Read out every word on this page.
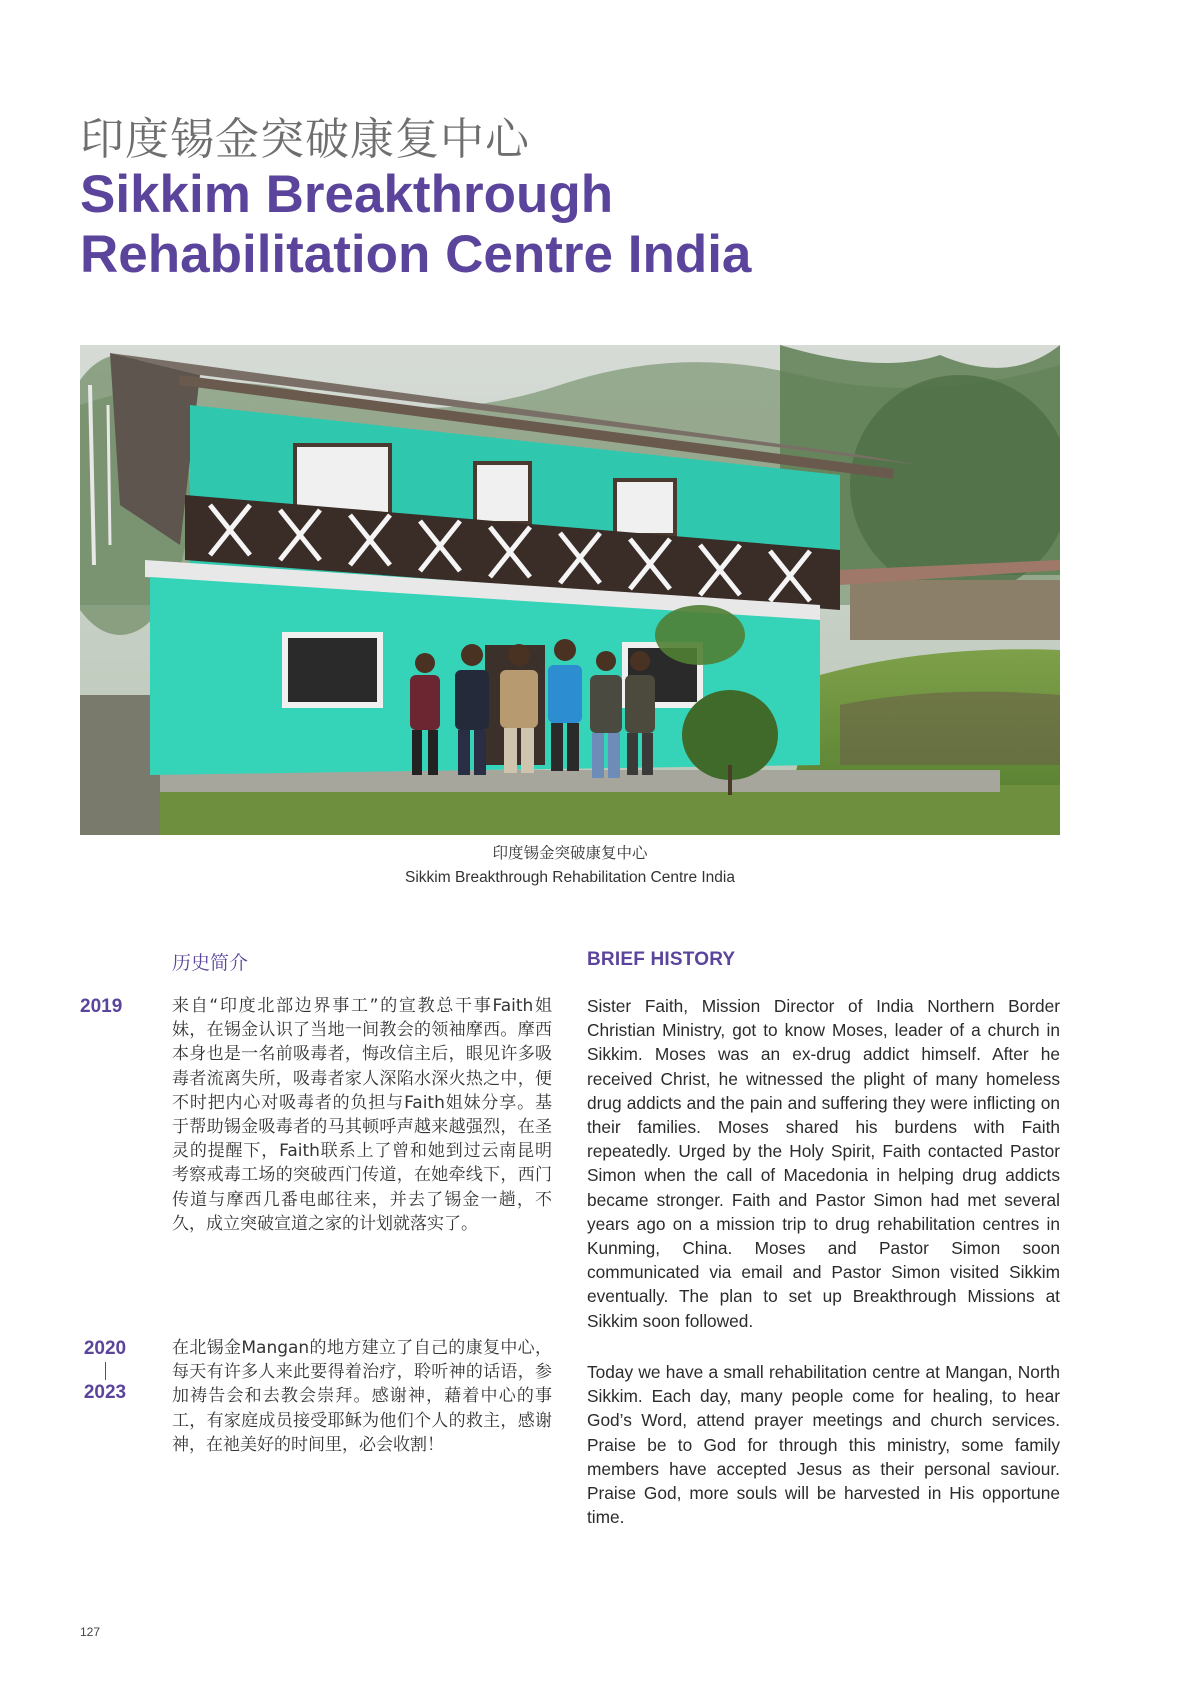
印度锡金突破康复中心
Sikkim Breakthrough
Rehabilitation Centre India
印度锡金突破康复中心
Sikkim Breakthrough Rehabilitation Centre India
历史简介	BRIEF HISTORY
2019	来自“印度北部边界事工”的宣教总干事Faith姐妹，在锡金认识了当地一间教会的领袖摩西。摩西本身也是一名前吸毒者，悔改信主后，眼见许多吸毒者流离失所，吸毒者家人深陷水深火热之中，便不时把内心对吸毒者的负担与Faith姐妹分享。基于帮助锡金吸毒者的马其顿呼声越来越强烈，在圣灵的提醒下，Faith联系上了曾和她到过云南昆明考察戒毒工场的突破西门传道，在她牵线下，西门传道与摩西几番电邮往来，并去了锡金一趟，不久，成立突破宣道之家的计划就落实了。

Sister Faith, Mission Director of India Northern Border Christian Ministry, got to know Moses, leader of a church in Sikkim. Moses was an ex-drug addict himself. After he received Christ, he witnessed the plight of many homeless drug addicts and the pain and suffering they were inflicting on their families. Moses shared his burdens with Faith repeatedly. Urged by the Holy Spirit, Faith contacted Pastor Simon when the call of Macedonia in helping drug addicts became stronger. Faith and Pastor Simon had met several years ago on a mission trip to drug rehabilitation centres in Kunming, China. Moses and Pastor Simon soon communicated via email and Pastor Simon visited Sikkim eventually. The plan to set up Breakthrough Missions at Sikkim soon followed.

2020
2023

在北锡金Mangan的地方建立了自己的康复中心，每天有许多人来此要得着治疗，聆听神的话语，参加祷告会和去教会崇拜。感谢神，藉着中心的事工，有家庭成员接受耶稣为他们个人的救主，感谢神，在祂美好的时间里，必会收割！

Today we have a small rehabilitation centre at Mangan, North Sikkim. Each day, many people come for healing, to hear God’s Word, attend prayer meetings and church services. Praise be to God for through this ministry, some family members have accepted Jesus as their personal saviour. Praise God, more souls will be harvested in His opportune time.

127
